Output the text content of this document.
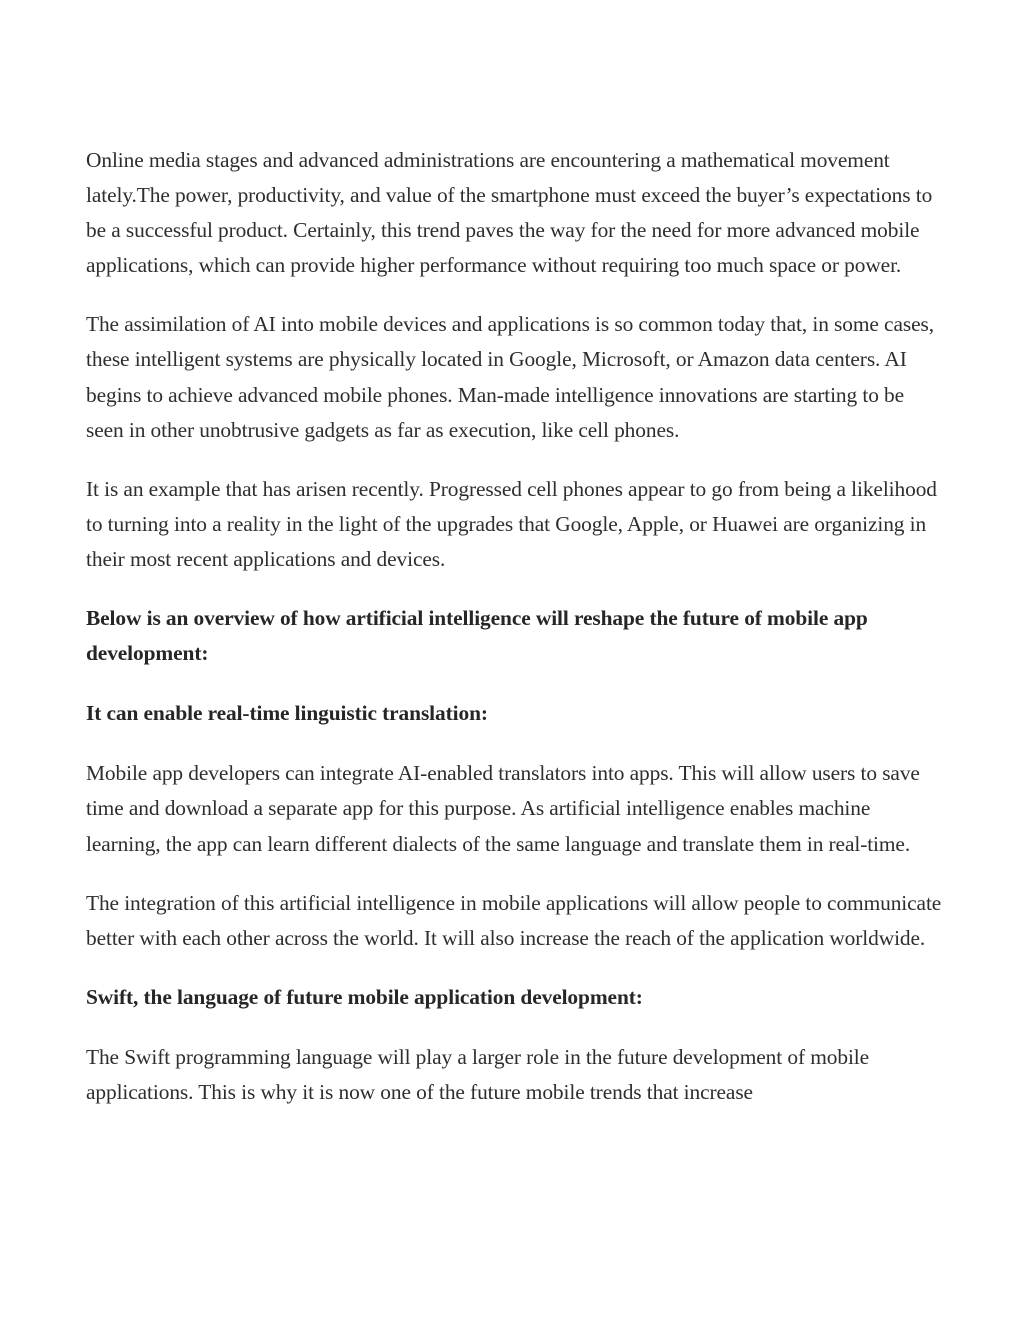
Online media stages and advanced administrations are encountering a mathematical movement lately.The power, productivity, and value of the smartphone must exceed the buyer’s expectations to be a successful product. Certainly, this trend paves the way for the need for more advanced mobile applications, which can provide higher performance without requiring too much space or power.

The assimilation of AI into mobile devices and applications is so common today that, in some cases, these intelligent systems are physically located in Google, Microsoft, or Amazon data centers. AI begins to achieve advanced mobile phones. Man-made intelligence innovations are starting to be seen in other unobtrusive gadgets as far as execution, like cell phones.

It is an example that has arisen recently. Progressed cell phones appear to go from being a likelihood to turning into a reality in the light of the upgrades that Google, Apple, or Huawei are organizing in their most recent applications and devices.

Below is an overview of how artificial intelligence will reshape the future of mobile app development:

It can enable real-time linguistic translation:

Mobile app developers can integrate AI-enabled translators into apps. This will allow users to save time and download a separate app for this purpose. As artificial intelligence enables machine learning, the app can learn different dialects of the same language and translate them in real-time.

The integration of this artificial intelligence in mobile applications will allow people to communicate better with each other across the world. It will also increase the reach of the application worldwide.

Swift, the language of future mobile application development:

The Swift programming language will play a larger role in the future development of mobile applications. This is why it is now one of the future mobile trends that increase
